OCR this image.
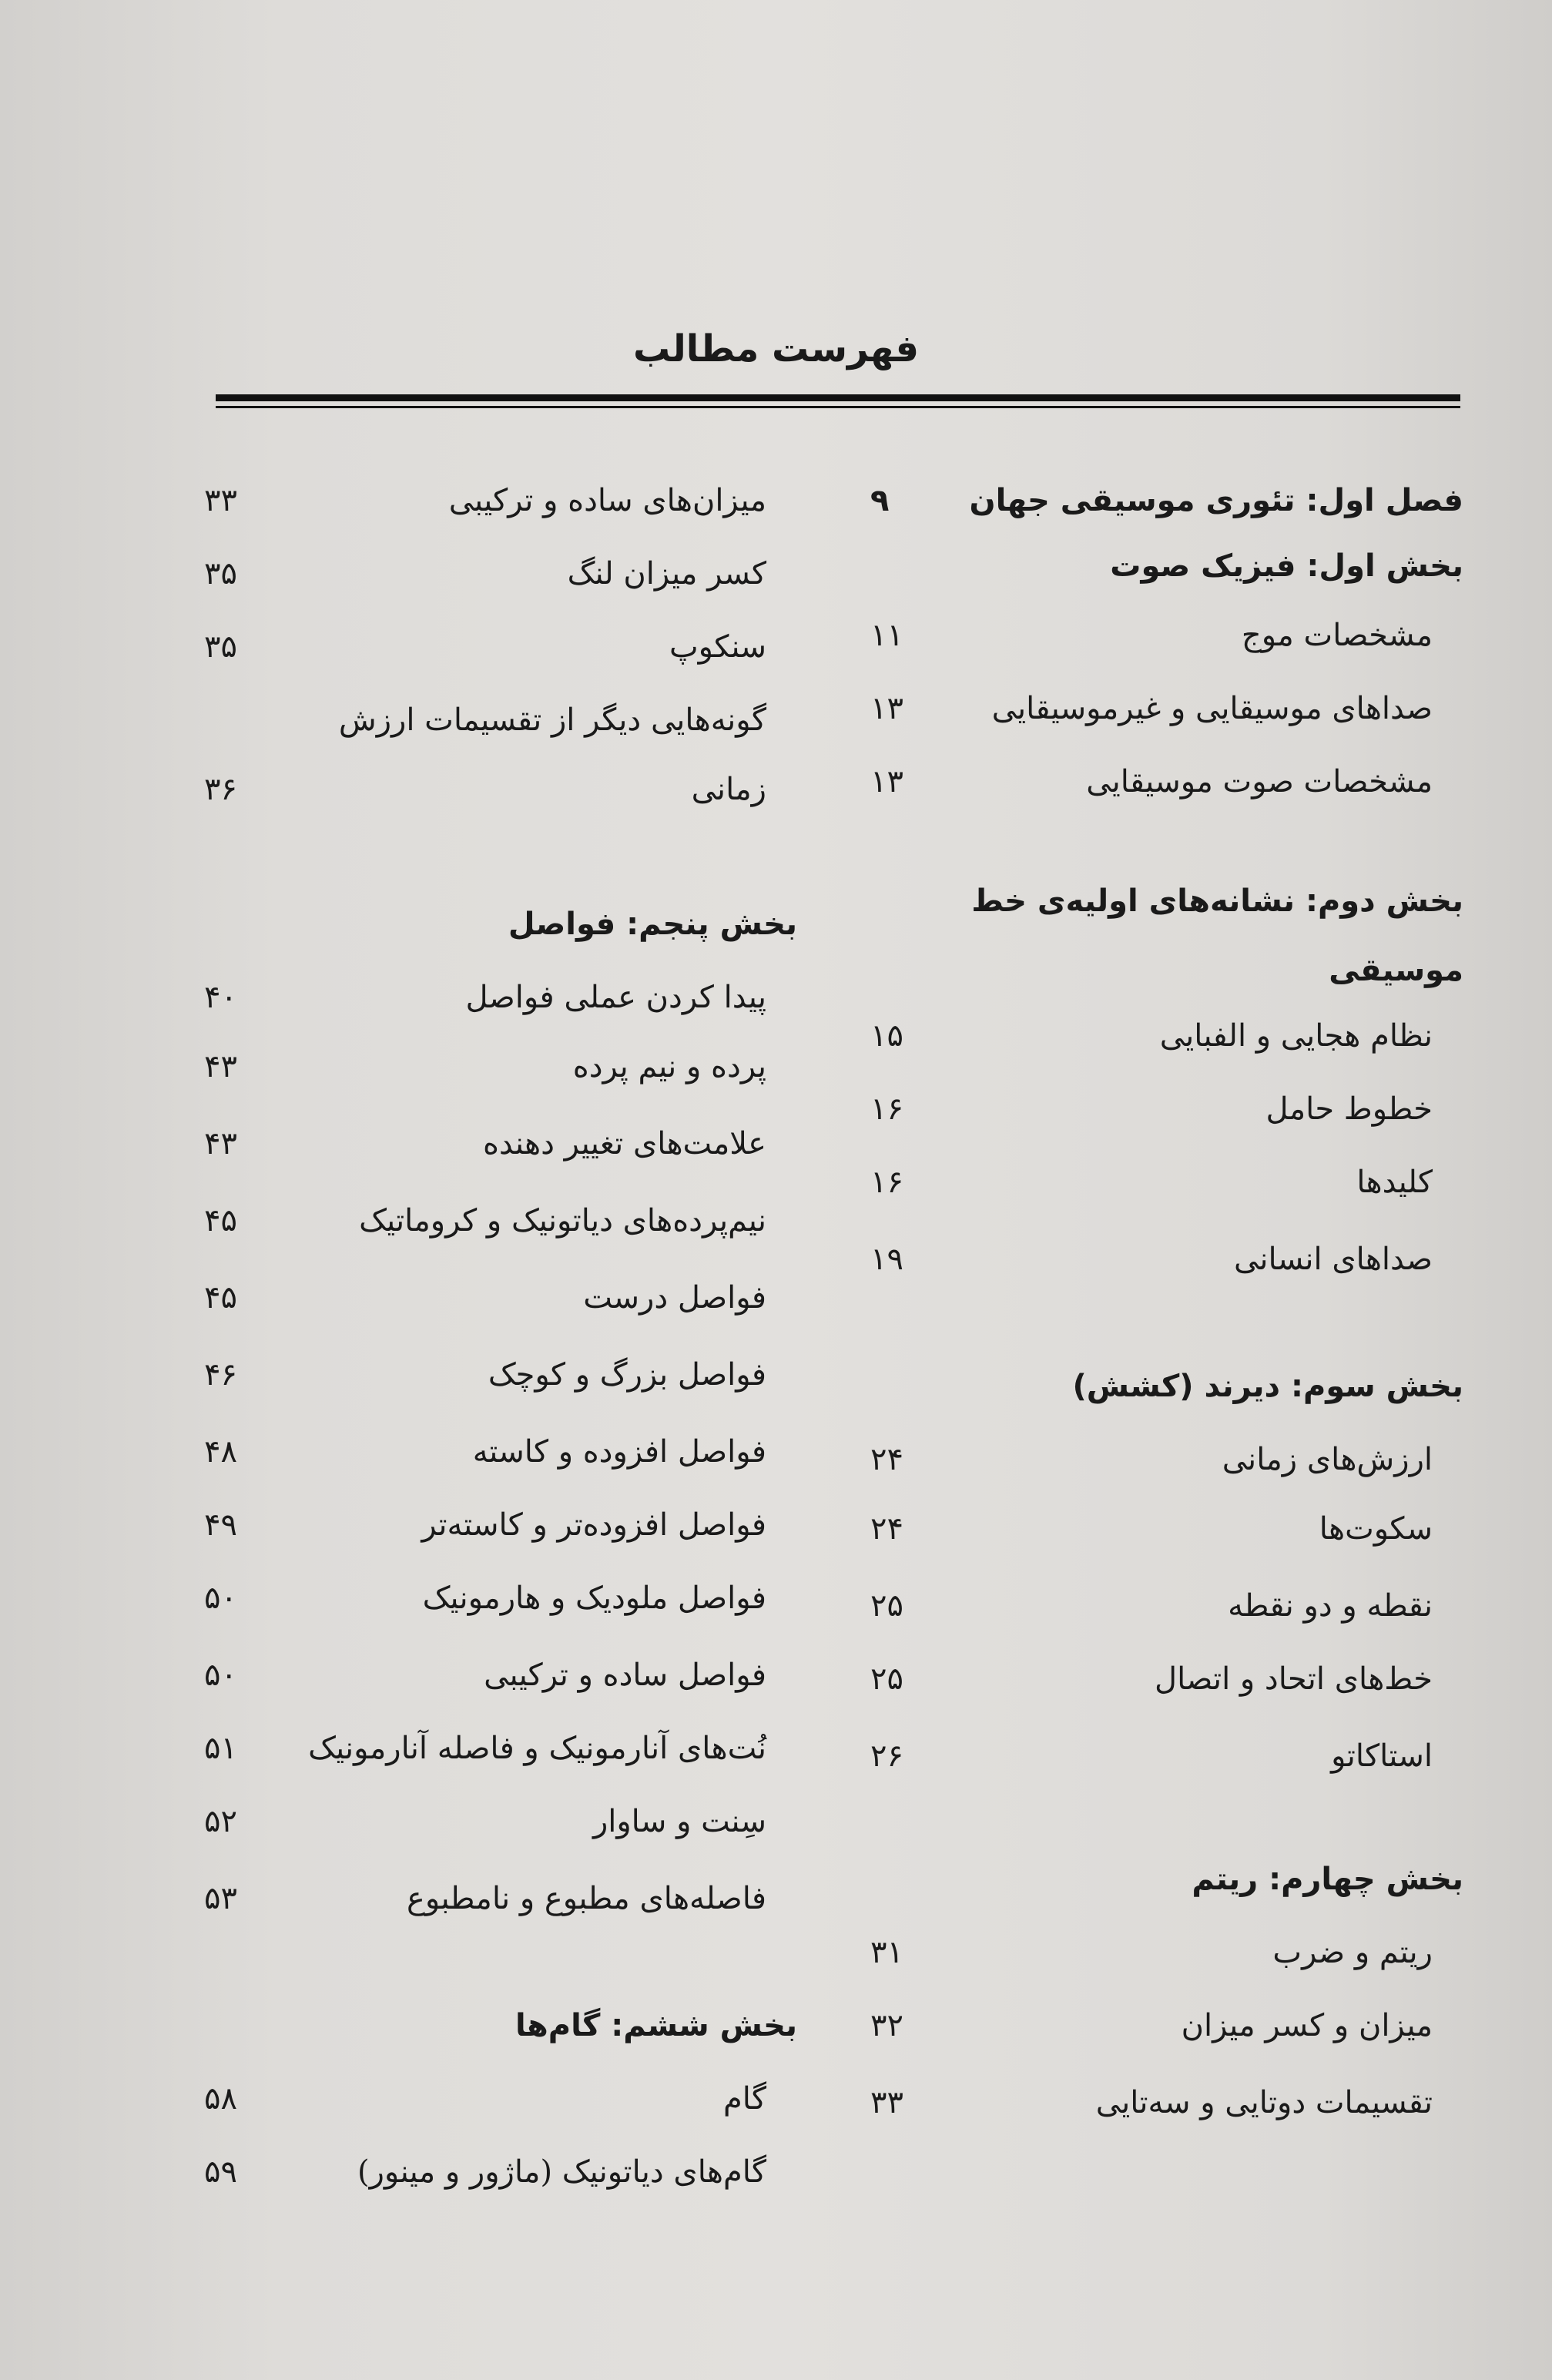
فهرست مطالب
فصل اول: تئوری موسیقی جهان
۹
بخش اول: فیزیک صوت
مشخصات موج
۱۱
صداهای موسیقایی و غیرموسیقایی
۱۳
مشخصات صوت موسیقایی
۱۳
بخش دوم: نشانه‌های اولیه‌ی خط
موسیقی
نظام هجایی و الفبایی
۱۵
خطوط حامل
۱۶
کلیدها
۱۶
صداهای انسانی
۱۹
بخش سوم: دیرند (کشش)
ارزش‌های زمانی
۲۴
سکوت‌ها
۲۴
نقطه و دو نقطه
۲۵
خط‌های اتحاد و اتصال
۲۵
استاکاتو
۲۶
بخش چهارم: ریتم
ریتم و ضرب
۳۱
میزان و کسر میزان
۳۲
تقسیمات دوتایی و سه‌تایی
۳۳
میزان‌های ساده و ترکیبی
۳۳
کسر میزان لنگ
۳۵
سنکوپ
۳۵
گونه‌هایی دیگر از تقسیمات ارزش
زمانی
۳۶
بخش پنجم: فواصل
پیدا کردن عملی فواصل
۴۰
پرده و نیم پرده
۴۳
علامت‌های تغییر دهنده
۴۳
نیم‌پرده‌های دیاتونیک و کروماتیک
۴۵
فواصل درست
۴۵
فواصل بزرگ و کوچک
۴۶
فواصل افزوده و کاسته
۴۸
فواصل افزوده‌تر و کاسته‌تر
۴۹
فواصل ملودیک و هارمونیک
۵۰
فواصل ساده و ترکیبی
۵۰
نُت‌های آنارمونیک و فاصله آنارمونیک
۵۱
سِنت و ساوار
۵۲
فاصله‌های مطبوع و نامطبوع
۵۳
بخش ششم: گام‌ها
گام
۵۸
گام‌های دیاتونیک (ماژور و مینور)
۵۹
